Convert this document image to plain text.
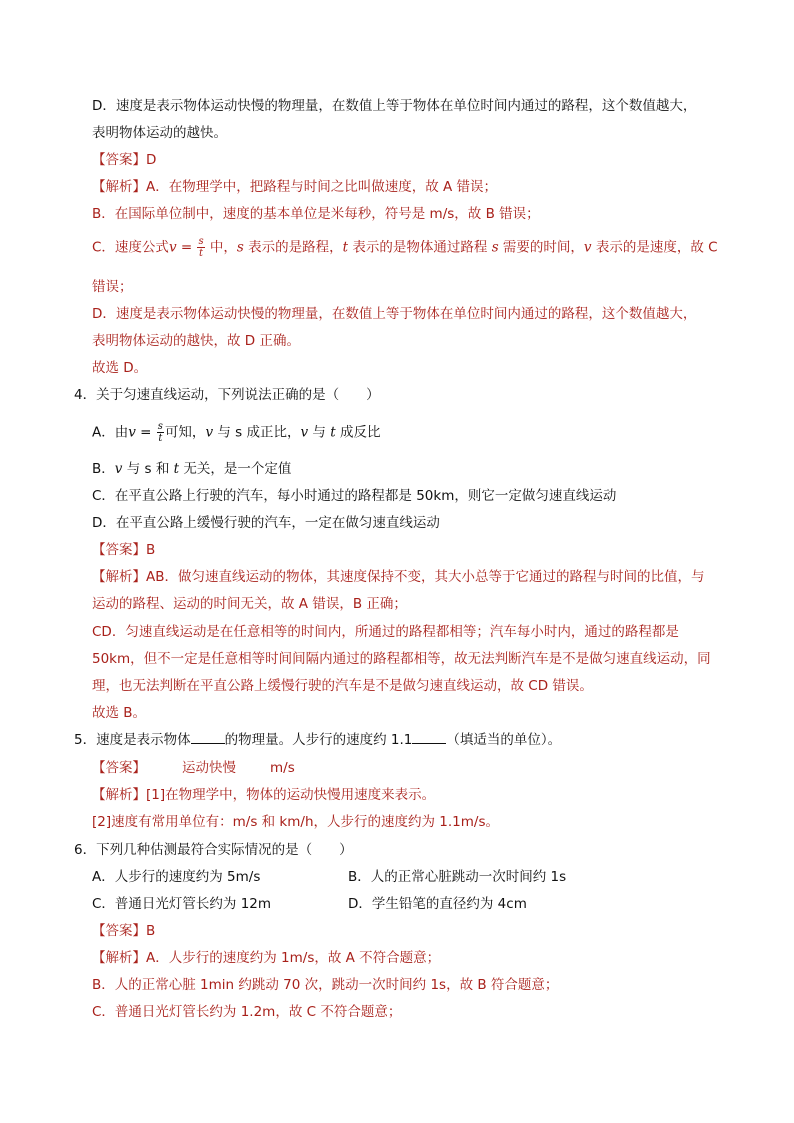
D．速度是表示物体运动快慢的物理量，在数值上等于物体在单位时间内通过的路程，这个数值越大，
表明物体运动的越快。
【答案】D
【解析】A．在物理学中，把路程与时间之比叫做速度，故 A 错误；
B．在国际单位制中，速度的基本单位是米每秒，符号是 m/s，故 B 错误；
C．速度公式$v = \frac{s}{t}$ 中，s 表示的是路程，t 表示的是物体通过路程 s 需要的时间，v 表示的是速度，故 C
错误；
D．速度是表示物体运动快慢的物理量，在数值上等于物体在单位时间内通过的路程，这个数值越大，
表明物体运动的越快，故 D 正确。
故选 D。
4．关于匀速直线运动，下列说法正确的是（　　）
A．由$v = \frac{s}{t}$ 可知，v 与 s 成正比，v 与 t 成反比
B．v 与 s 和 t 无关，是一个定值
C．在平直公路上行驶的汽车，每小时通过的路程都是 50km，则它一定做匀速直线运动
D．在平直公路上缓慢行驶的汽车，一定在做匀速直线运动
【答案】B
【解析】AB．做匀速直线运动的物体，其速度保持不变，其大小总等于它通过的路程与时间的比值，与
运动的路程、运动的时间无关，故 A 错误，B 正确；
CD．匀速直线运动是在任意相等的时间内，所通过的路程都相等；汽车每小时内，通过的路程都是
50km，但不一定是任意相等时间间隔内通过的路程都相等，故无法判断汽车是不是做匀速直线运动，同
理，也无法判断在平直公路上缓慢行驶的汽车是不是做匀速直线运动，故 CD 错误。
故选 B。
5．速度是表示物体	的物理量。人步行的速度约 1.1	（填适当的单位）。
【答案】	运动快慢	m/s
【解析】[1]在物理学中，物体的运动快慢用速度来表示。
[2]速度有常用单位有：m/s 和 km/h，人步行的速度约为 1.1m/s。
6．下列几种估测最符合实际情况的是（　　）
A．人步行的速度约为 5m/s	B．人的正常心脏跳动一次时间约 1s
C．普通日光灯管长约为 12m	D．学生铅笔的直径约为 4cm
【答案】B
【解析】A．人步行的速度约为 1m/s，故 A 不符合题意；
B．人的正常心脏 1min 约跳动 70 次，跳动一次时间约 1s，故 B 符合题意；
C．普通日光灯管长约为 1.2m，故 C 不符合题意；
